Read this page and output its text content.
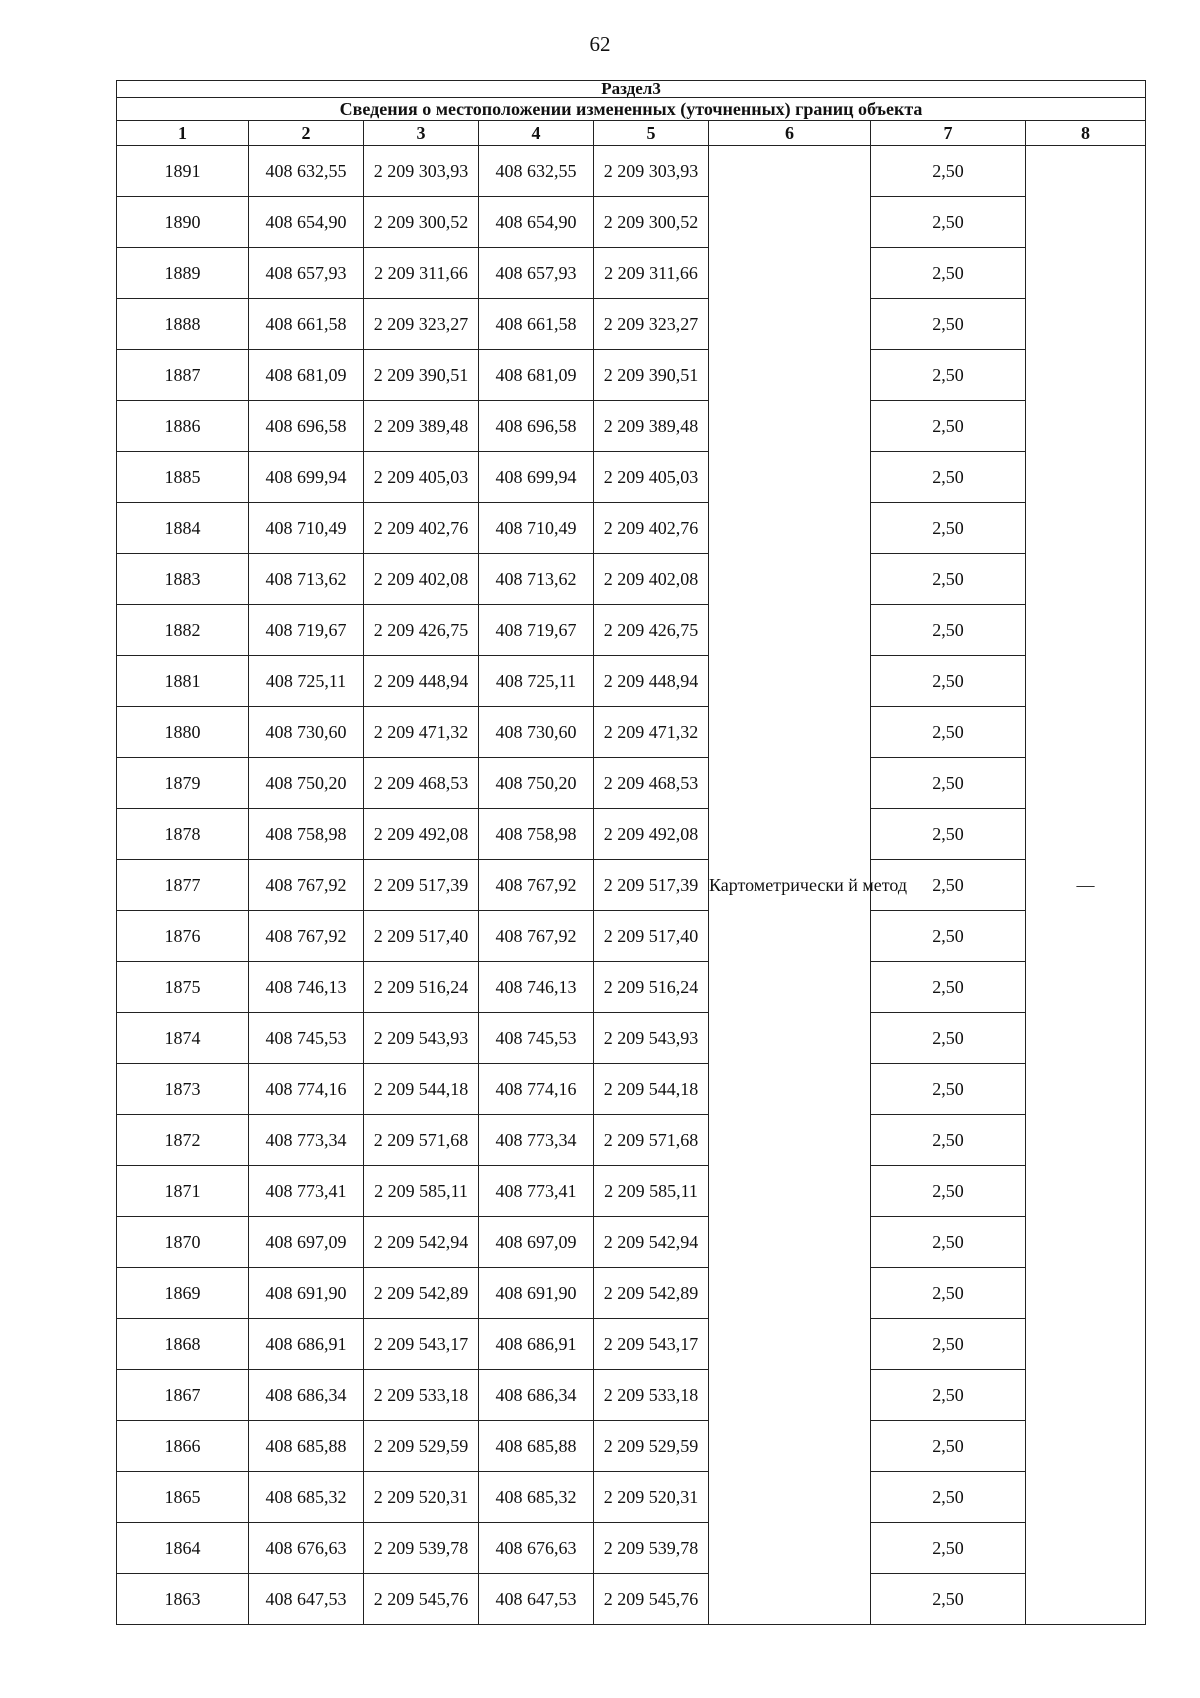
62
Раздел3							
Сведения о местоположении измененных (уточненных) границ объекта							
1	2	3	4	5	6	7	8
1891	408 632,55	2 209 303,93	408 632,55	2 209 303,93	Картометрически й метод	2,50	—
1890	408 654,90	2 209 300,52	408 654,90	2 209 300,52		2,50	
1889	408 657,93	2 209 311,66	408 657,93	2 209 311,66		2,50	
1888	408 661,58	2 209 323,27	408 661,58	2 209 323,27		2,50	
1887	408 681,09	2 209 390,51	408 681,09	2 209 390,51		2,50	
1886	408 696,58	2 209 389,48	408 696,58	2 209 389,48		2,50	
1885	408 699,94	2 209 405,03	408 699,94	2 209 405,03		2,50	
1884	408 710,49	2 209 402,76	408 710,49	2 209 402,76		2,50	
1883	408 713,62	2 209 402,08	408 713,62	2 209 402,08		2,50	
1882	408 719,67	2 209 426,75	408 719,67	2 209 426,75		2,50	
1881	408 725,11	2 209 448,94	408 725,11	2 209 448,94		2,50	
1880	408 730,60	2 209 471,32	408 730,60	2 209 471,32		2,50	
1879	408 750,20	2 209 468,53	408 750,20	2 209 468,53		2,50	
1878	408 758,98	2 209 492,08	408 758,98	2 209 492,08		2,50	
1877	408 767,92	2 209 517,39	408 767,92	2 209 517,39		2,50	
1876	408 767,92	2 209 517,40	408 767,92	2 209 517,40		2,50	
1875	408 746,13	2 209 516,24	408 746,13	2 209 516,24		2,50	
1874	408 745,53	2 209 543,93	408 745,53	2 209 543,93		2,50	
1873	408 774,16	2 209 544,18	408 774,16	2 209 544,18		2,50	
1872	408 773,34	2 209 571,68	408 773,34	2 209 571,68		2,50	
1871	408 773,41	2 209 585,11	408 773,41	2 209 585,11		2,50	
1870	408 697,09	2 209 542,94	408 697,09	2 209 542,94		2,50	
1869	408 691,90	2 209 542,89	408 691,90	2 209 542,89		2,50	
1868	408 686,91	2 209 543,17	408 686,91	2 209 543,17		2,50	
1867	408 686,34	2 209 533,18	408 686,34	2 209 533,18		2,50	
1866	408 685,88	2 209 529,59	408 685,88	2 209 529,59		2,50	
1865	408 685,32	2 209 520,31	408 685,32	2 209 520,31		2,50	
1864	408 676,63	2 209 539,78	408 676,63	2 209 539,78		2,50	
1863	408 647,53	2 209 545,76	408 647,53	2 209 545,76		2,50	
